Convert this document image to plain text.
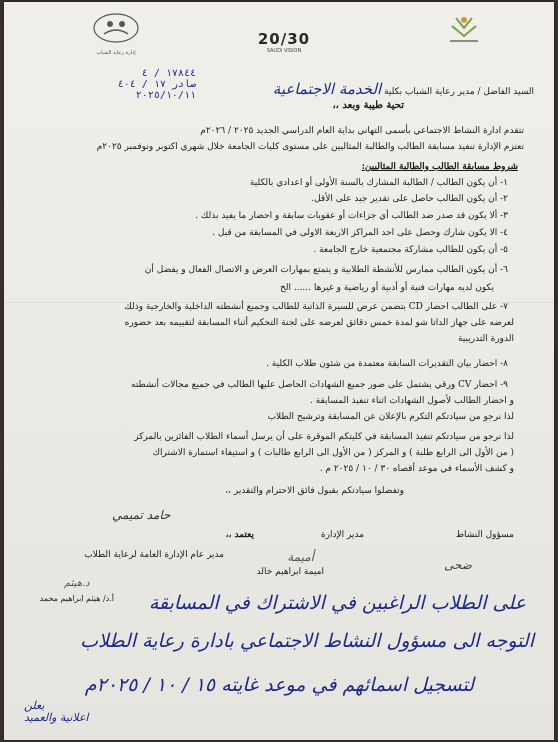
20/30
SAUDI VISION
إدارة رعاية الشباب
١٧٨٤٤ / ٤
صادر ١٧ / ٤٠٤
٢٠٢٥/١٠/١١	السيد الفاضل / مدير رعاية الشباب بكلية الخدمة الاجتماعية
تحية طيبة وبعد ،،
تتقدم ادارة النشاط الاجتماعي بأسمى التهاني بداية العام الدراسي الجديد ٢٠٢٥ / ٢٠٢٦م
تعتزم الإدارة تنفيذ مسابقة الطالب والطالبة المثاليين على مستوى كليات الجامعة خلال شهري اكتوبر ونوفمبر ٢٠٢٥م
شروط مسابقة الطالب والطالبة المثاليين:
١- أن يكون الطالب / الطالبة المشارك بالسنة الأولى أو اعدادي بالكلية
٢- أن يكون الطالب حاصل على تقدير جيد على الأقل.
٣- ألا يكون قد صدر ضد الطالب أي جزاءات أو عقوبات سابقة و احضار ما يفيد بذلك .
٤- الا يكون شارك وحصل على احد المراكز الاربعة الاولى في المسابقة من قبل .
٥- أن يكون للطالب مشاركة مجتمعية خارج الجامعة .
٦- أن يكون الطالب ممارس للأنشطة الطلابية و يتمتع بمهارات العرض و الاتصال الفعال و يفضل أن
يكون لديه مهارات فنية أو أدبية أو رياضية و غيرها ...... الخ
٧- على الطالب احضار CD يتضمن عرض للسيرة الذاتية للطالب وجميع أنشطته الداخلية والخارجية وذلك
لعرضه على جهاز الداتا شو لمدة خمس دقائق لعرضه على لجنة التحكيم أثناء المسابقة لتقييمه بعد حضوره
الدورة التدريبية
٨- احضار بيان التقديرات السابقة معتمدة من شئون طلاب الكلية .
٩- احضار CV ورقي يشتمل على صور جميع الشهادات الحاصل عليها الطالب في جميع مجالات أنشطته
و احضار الطالب لأصول الشهادات اثناء تنفيذ المسابقة .
لذا نرجو من سيادتكم التكرم بالإعلان عن المسابقة وترشيح الطلاب
لذا نرجو من سيادتكم تنفيذ المسابقة في كليتكم الموقرة على أن يرسل أسماء الطلاب الفائزين بالمركز
( من الأول الى الرابع طلبة ) و المركز ( من الأول الى الرابع طالبات ) و استيفاء استمارة الاشتراك
و كشف الأسماء في موعد أقصاه ٣٠ / ١٠ / ٢٠٢٥ م .
وتفضلوا سيادتكم بقبول فائق الاحترام والتقدير ،،
حامد تميمي
مسؤول النشاط
مدير الإدارة
يعتمد ،،
مدير عام الإدارة العامة لرعاية الطلاب
اميمة ابراهيم خالد
أميمة
ضحى
أ.د/ هيثم ابراهيم محمد
د.هيثم
على الطلاب الراغبين في الاشتراك في المسابقة
التوجه الى مسؤول النشاط الاجتماعي بادارة رعاية الطلاب
لتسجيل اسمائهم في موعد غايته ١٥ / ١٠ / ٢٠٢٥م
يعلن
اعلانية والعميد
